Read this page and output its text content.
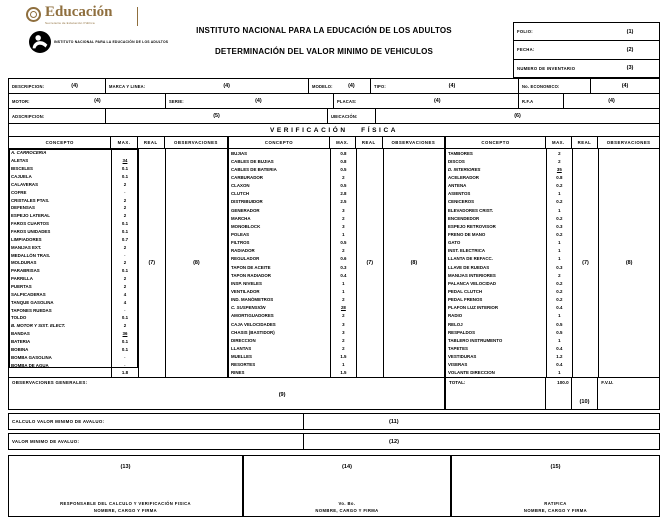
Educación
Secretaría de Educación Pública
INSTITUTO NACIONAL PARA LA EDUCACIÓN DE LOS ADULTOS
INSTITUTO NACIONAL PARA LA EDUCACIÓN DE LOS ADULTOS
DETERMINACIÓN DEL VALOR MINIMO DE VEHICULOS
FOLIO:	(1)
FECHA:	(2)
NUMERO DE INVENTARIO	(3)
DESCRIPCION:	(4)	MARCA Y LINEA:	(4)	MODELO:	(4)	TIPO:	(4)	No. ECONOMICO:	(4)
MOTOR:	(4)	SERIE:	(4)	PLACAS:	(4)	R.F.A	(4)
ADSCRIPCION:	(5)	UBICACIÓN:	(6)
VERIFICACIÓN FÍSICA
CONCEPTO	MAX.	REAL	OBSERVACIONES
A. CARROCERIA
ALETAS	34
BISCELES	0.1
CAJUELA	0.1
CALAVERAS	2
COFRE	·
CRISTALES PTAS.	2
DEFENSAS	2
ESPEJO LATERAL	2
FAROS CUARTOS	0.1
FAROS UNIDADES	0.1
LIMPIADORES	0.7
MANIJAS EXT.	2
MEDALLÓN TRAS.	·
MOLDURAS	2
PARABRISAS	0.1
PARRILLA	2
PUERTAS	2
SALPICADERAS	4
TANQUE GASOLINA	4
TAPONES RUEDAS	·
TOLDO	0.1
B. MOTOR Y SIST. ELECT.	2
BANDAS	36
BATERIA	0.1
BOBINA	0.1
BOMBA GASOLINA	·
BOMBA DE AGUA	·
1.8
(7)	(8)
CONCEPTO	MAX.	REAL	OBSERVACIONES
BUJIAS	0.8
CABLES DE BUJIAS	0.8
CABLES DE BATERIA	0.5
CARBURADOR	2
CLAXON	0.5
CLUTCH	2.8
DISTRIBUIDOR	2.5
GENERADOR	3
MARCHA	2
MONOBLOCK	3
POLEAS	1
FILTROS	0.5
RADIADOR	2
REGULADOR	0.6
TAPON DE ACEITE	0.3
TAPON RADIADOR	0.4
INSP. NIVELES	1
VENTILADOR	1
IND. MANÓMETROS	2
C. SUSPENSIÓN	28
AMORTIGUADORES	2
CAJA VELOCIDADES	3
CHASIS (BASTIDOR)	3
DIRECCION	2
LLANTAS	2
MUELLES	1.5
RESORTES	1
RINES	1.5
(7)	(8)
CONCEPTO	MAX.	REAL	OBSERVACIONES
TAMBORES	2
DISCOS	2
D. INTERIORES	35
ACELERADOR	0.8
ANTENA	0.2
ASIENTOS	1
CENICEROS	0.2
ELEVADORES CRIST.	1
ENCENDEDOR	0.2
ESPEJO RETROVISOR	0.3
FRENO DE MANO	0.2
GATO	1
INST. ELECTRICA	1
LLANTA DE REFACC.	1
LLAVE DE RUEDAS	0.3
MANIJAS INTERIORES	2
PALANCA VELOCIDAD	0.2
PEDAL CLUTCH	0.2
PEDAL FRENOS	0.2
PLAFON LUZ INTERIOR	0.4
RADIO	1
RELOJ	0.5
RESPALDOS	0.5
TABLERO INSTRUMENTO	1
TAPETES	0.4
VESTIDURAS	1.2
VISERAS	0.4
VOLANTE DIRECCION	1
(7)	(8)
OBSERVACIONES GENERALES:
(9)
TOTAL:	100.0
(10)
F.V.U.
CALCULO VALOR MINIMO DE AVALUO:	(11)
VALOR MINIMO DE AVALUO:	(12)
(13)
RESPONSABLE DEL CALCULO Y VERIFICACIÓN FISICA
NOMBRE, CARGO Y FIRMA
(14)
Vo. Bo.
NOMBRE, CARGO Y FIRMA
(15)
RATIFICA
NOMBRE, CARGO Y FIRMA
